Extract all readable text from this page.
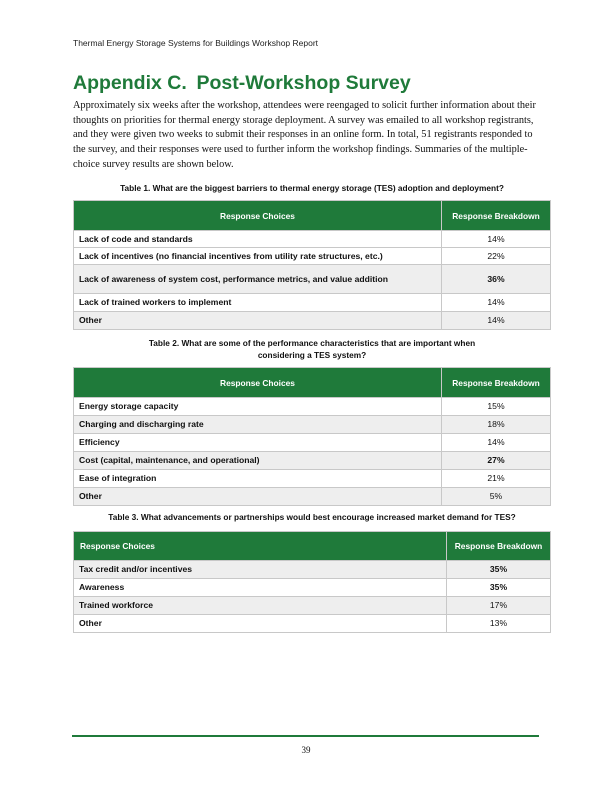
Thermal Energy Storage Systems for Buildings Workshop Report
Appendix C. Post-Workshop Survey
Approximately six weeks after the workshop, attendees were reengaged to solicit further information about their thoughts on priorities for thermal energy storage deployment. A survey was emailed to all workshop registrants, and they were given two weeks to submit their responses in an online form. In total, 51 registrants responded to the survey, and their responses were used to further inform the workshop findings. Summaries of the multiple-choice survey results are shown below.
Table 1. What are the biggest barriers to thermal energy storage (TES) adoption and deployment?
Response Choices	Response Breakdown
Lack of code and standards	14%
Lack of incentives (no financial incentives from utility rate structures, etc.)	22%
Lack of awareness of system cost, performance metrics, and value addition	36%
Lack of trained workers to implement	14%
Other	14%
Table 2. What are some of the performance characteristics that are important when considering a TES system?
Response Choices	Response Breakdown
Energy storage capacity	15%
Charging and discharging rate	18%
Efficiency	14%
Cost (capital, maintenance, and operational)	27%
Ease of integration	21%
Other	5%
Table 3. What advancements or partnerships would best encourage increased market demand for TES?
Response Choices	Response Breakdown
Tax credit and/or incentives	35%
Awareness	35%
Trained workforce	17%
Other	13%
39
